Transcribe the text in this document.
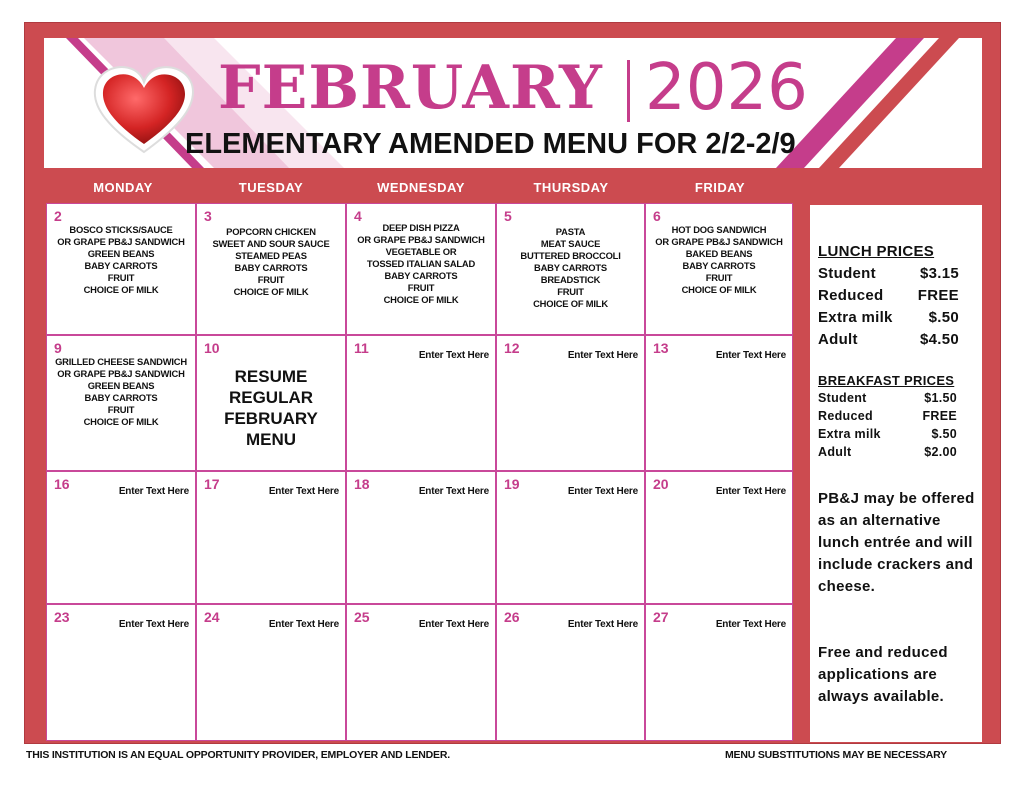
FEBRUARY 2026
ELEMENTARY AMENDED MENU FOR 2/2-2/9
MONDAY	TUESDAY	WEDNESDAY	THURSDAY	FRIDAY
2
BOSCO STICKS/SAUCE
OR GRAPE PB&J SANDWICH
GREEN BEANS
BABY CARROTS
FRUIT
CHOICE OF MILK
3
POPCORN CHICKEN
SWEET AND SOUR SAUCE
STEAMED PEAS
BABY CARROTS
FRUIT
CHOICE OF MILK
4
DEEP DISH PIZZA
OR GRAPE PB&J SANDWICH
VEGETABLE OR
TOSSED ITALIAN SALAD
BABY CARROTS
FRUIT
CHOICE OF MILK
5
PASTA
MEAT SAUCE
BUTTERED BROCCOLI
BABY CARROTS
BREADSTICK
FRUIT
CHOICE OF MILK
6
HOT DOG SANDWICH
OR GRAPE PB&J SANDWICH
BAKED BEANS
BABY CARROTS
FRUIT
CHOICE OF MILK
9
GRILLED CHEESE SANDWICH
OR GRAPE PB&J SANDWICH
GREEN BEANS
BABY CARROTS
FRUIT
CHOICE OF MILK
10
RESUME
REGULAR
FEBRUARY MENU
11	Enter Text Here 12	Enter Text Here 13	Enter Text Here
16	Enter Text Here 17	Enter Text Here 18	Enter Text Here 19	Enter Text Here 20	Enter Text Here
23	Enter Text Here 24	Enter Text Here 25	Enter Text Here 26	Enter Text Here 27	Enter Text Here
LUNCH PRICES
Student	$3.15
Reduced FREE
Extra milk $.50
Adult	$4.50
BREAKFAST PRICES
Student	$1.50
Reduced	FREE
Extra milk	$.50
Adult	$2.00
PB&J may be offered as an alternative lunch entrée and will include crackers and cheese.
Free and reduced applications are always available.
THIS INSTITUTION IS AN EQUAL OPPORTUNITY PROVIDER, EMPLOYER AND LENDER.	MENU SUBSTITUTIONS MAY BE NECESSARY
